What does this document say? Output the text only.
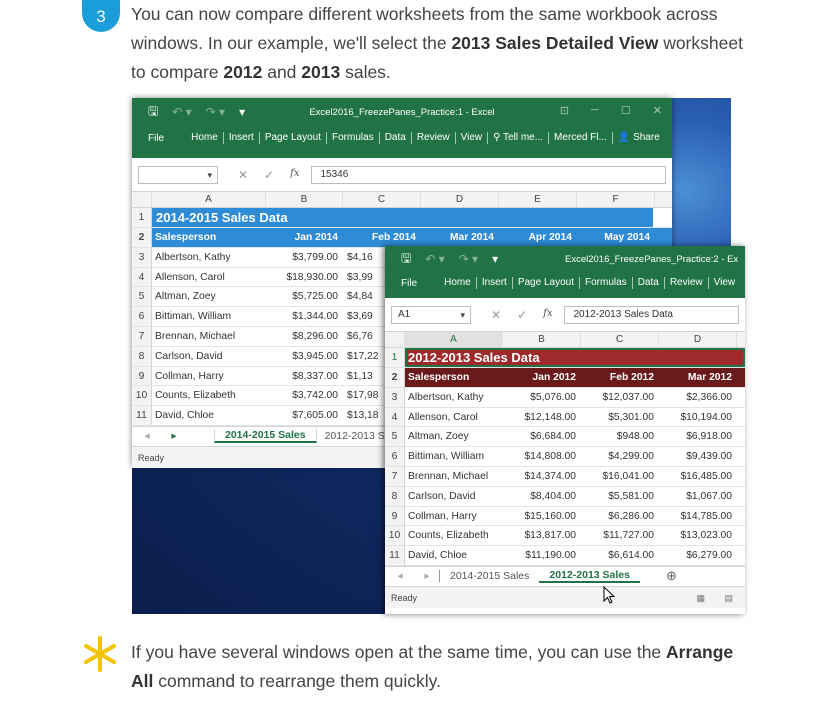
3	You can now compare different worksheets from the same workbook across windows. In our example, we'll select the 2013 Sales Detailed View worksheet to compare 2012 and 2013 sales.

🖫 ↶ ▾ ↷ ▾ ▾	Excel2016_FreezePanes_Practice:1 - Excel	⊡ ─ ☐ ✕
File	Home	Insert	Page Layout	Formulas	Data	Review	View	⚲ Tell me...	Merced Fl...	👤 Share
▾
✕ ✓ fx	15346
A	B	C	D	E	F
1 2014-2015 Sales Data
2	Salesperson	Jan 2014	Feb 2014	Mar 2014	Apr 2014	May 2014
3	Albertson, Kathy	$3,799.00 $4,16
4	Allenson, Carol	$18,930.00 $3,99
5	Altman, Zoey	$5,725.00 $4,84
6	Bittiman, William	$1,344.00 $3,69
7	Brennan, Michael	$8,296.00 $6,76
8	Carlson, David	$3,945.00 $17,22
9	Collman, Harry	$8,337.00 $1,13
10 Counts, Elizabeth	$3,742.00 $17,98
11 David, Chloe	$7,605.00 $13,18
◂	▸	2014-2015 Sales	2012-2013 S
Ready
🖫 ↶ ▾ ↷ ▾ ▾	Excel2016_FreezePanes_Practice:2 - Ex
File	Home	Insert	Page Layout	Formulas	Data	Review	View
A1 ▾	✕ ✓ fx	2012-2013 Sales Data
A	B	C	D
1 2012-2013 Sales Data
2	Salesperson	Jan 2012	Feb 2012	Mar 2012
3	Albertson, Kathy	$5,076.00	$12,037.00	$2,366.00
4	Allenson, Carol	$12,148.00	$5,301.00	$10,194.00
5	Altman, Zoey	$6,684.00	$948.00	$6,918.00
6	Bittiman, William	$14,808.00	$4,299.00	$9,439.00
7	Brennan, Michael	$14,374.00	$16,041.00	$16,485.00
8	Carlson, David	$8,404.00	$5,581.00	$1,067.00
9	Collman, Harry	$15,160.00	$6,286.00	$14,785.00
10 Counts, Elizabeth	$13,817.00	$11,727.00	$13,023.00
11 David, Chloe	$11,190.00	$6,614.00	$6,279.00
◂	▸	2014-2015 Sales	2012-2013 Sales	⊕
Ready	▦ ▤

If you have several windows open at the same time, you can use the Arrange All command to rearrange them quickly.
